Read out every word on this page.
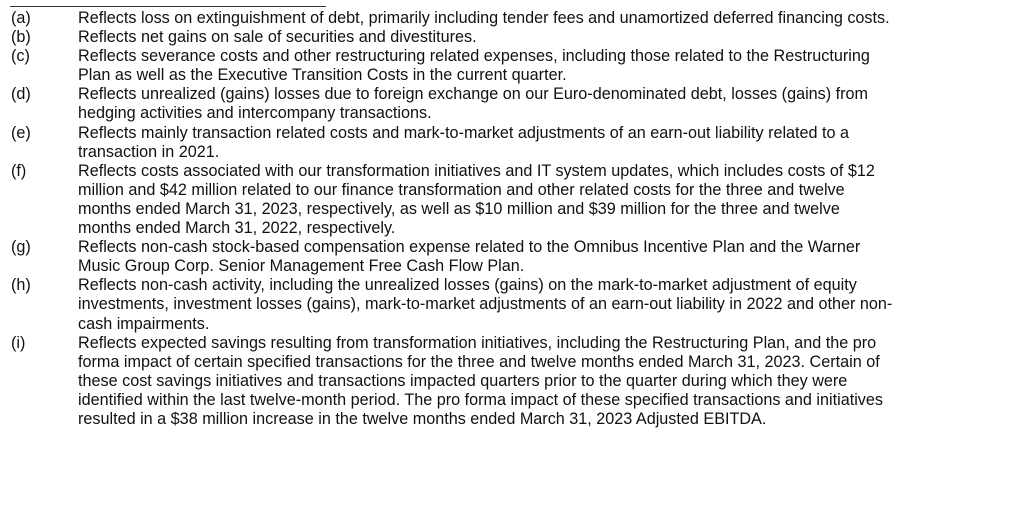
(a)	Reflects loss on extinguishment of debt, primarily including tender fees and unamortized deferred financing costs.
(b)	Reflects net gains on sale of securities and divestitures.
(c)	Reflects severance costs and other restructuring related expenses, including those related to the Restructuring
Plan as well as the Executive Transition Costs in the current quarter.
(d)	Reflects unrealized (gains) losses due to foreign exchange on our Euro-denominated debt, losses (gains) from
hedging activities and intercompany transactions.
(e)	Reflects mainly transaction related costs and mark-to-market adjustments of an earn-out liability related to a
transaction in 2021.
(f)	Reflects costs associated with our transformation initiatives and IT system updates, which includes costs of $12
million and $42 million related to our finance transformation and other related costs for the three and twelve
months ended March 31, 2023, respectively, as well as $10 million and $39 million for the three and twelve
months ended March 31, 2022, respectively.
(g)	Reflects non-cash stock-based compensation expense related to the Omnibus Incentive Plan and the Warner
Music Group Corp. Senior Management Free Cash Flow Plan.
(h)	Reflects non-cash activity, including the unrealized losses (gains) on the mark-to-market adjustment of equity
investments, investment losses (gains), mark-to-market adjustments of an earn-out liability in 2022 and other non-
cash impairments.
(i)	Reflects expected savings resulting from transformation initiatives, including the Restructuring Plan, and the pro
forma impact of certain specified transactions for the three and twelve months ended March 31, 2023. Certain of
these cost savings initiatives and transactions impacted quarters prior to the quarter during which they were
identified within the last twelve-month period. The pro forma impact of these specified transactions and initiatives
resulted in a $38 million increase in the twelve months ended March 31, 2023 Adjusted EBITDA.
